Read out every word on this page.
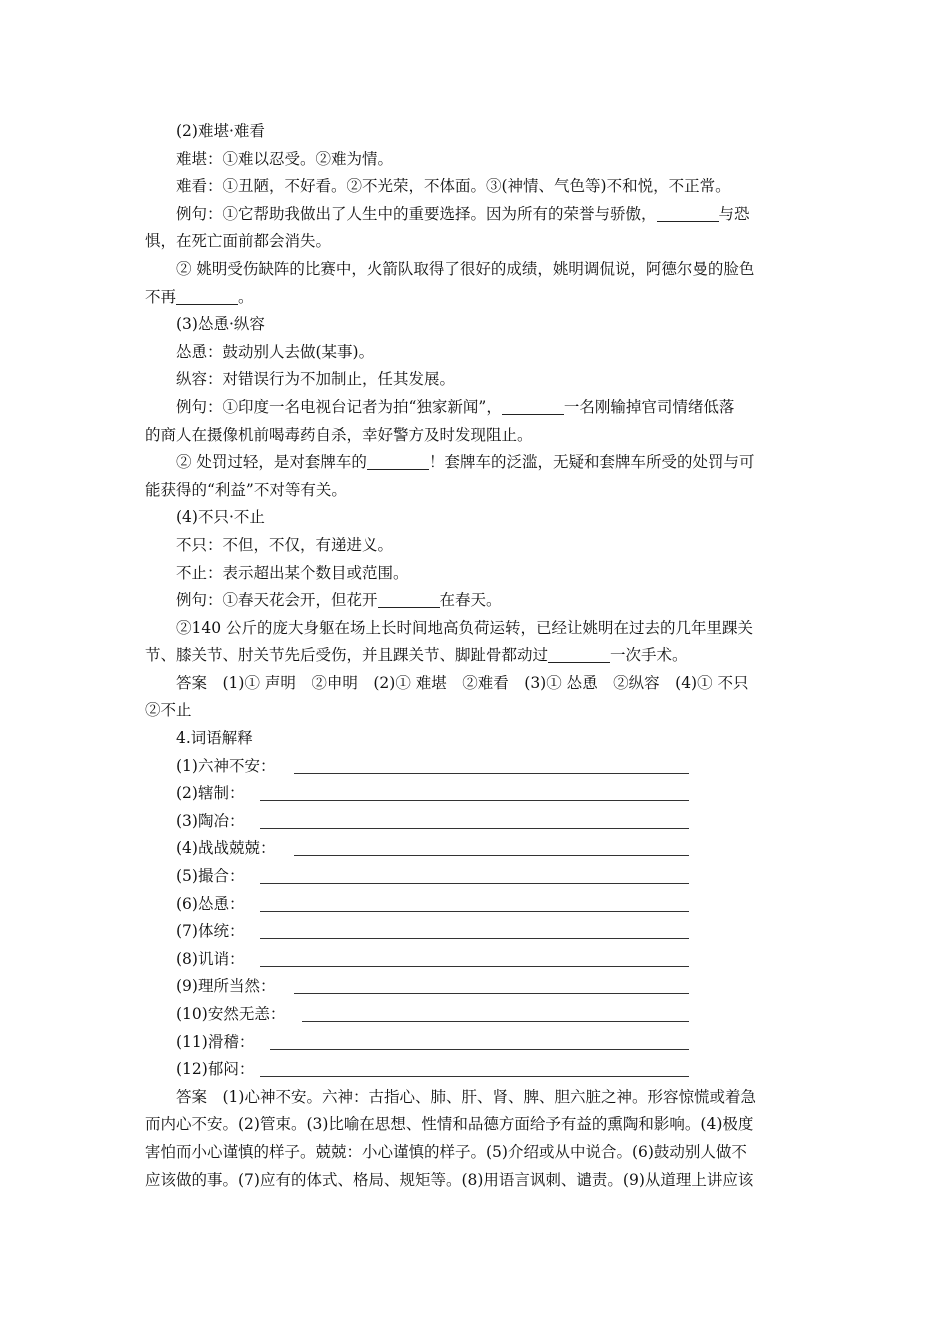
(2)难堪·难看

难堪：①难以忍受。②难为情。

难看：①丑陋，不好看。②不光荣，不体面。③(神情、气色等)不和悦，不正常。

例句：①它帮助我做出了人生中的重要选择。因为所有的荣誉与骄傲，	与恐

惧，在死亡面前都会消失。

② 姚明受伤缺阵的比赛中，火箭队取得了很好的成绩，姚明调侃说，阿德尔曼的脸色

不再	。

(3)怂恿·纵容

怂恿：鼓动别人去做(某事)。

纵容：对错误行为不加制止，任其发展。

例句：①印度一名电视台记者为拍“独家新闻”，	一名刚输掉官司情绪低落

的商人在摄像机前喝毒药自杀，幸好警方及时发现阻止。

② 处罚过轻，是对套牌车的	！套牌车的泛滥，无疑和套牌车所受的处罚与可

能获得的“利益”不对等有关。

(4)不只·不止

不只：不但，不仅，有递进义。

不止：表示超出某个数目或范围。

例句：①春天花会开，但花开	在春天。

②140 公斤的庞大身躯在场上长时间地高负荷运转，已经让姚明在过去的几年里踝关

节、膝关节、肘关节先后受伤，并且踝关节、脚趾骨都动过	一次手术。

答案　(1)① 声明　②申明　(2)① 难堪　②难看　(3)① 怂恿　②纵容　(4)① 不只

②不止

4.词语解释

(1)六神不安：
(2)辖制：
(3)陶冶：
(4)战战兢兢：
(5)撮合：
(6)怂恿：
(7)体统：
(8)讥诮：
(9)理所当然：
(10)安然无恙：
(11)滑稽：
(12)郁闷：

答案　(1)心神不安。六神：古指心、肺、肝、肾、脾、胆六脏之神。形容惊慌或着急

而内心不安。(2)管束。(3)比喻在思想、性情和品德方面给予有益的熏陶和影响。(4)极度

害怕而小心谨慎的样子。兢兢：小心谨慎的样子。(5)介绍或从中说合。(6)鼓动别人做不

应该做的事。(7)应有的体式、格局、规矩等。(8)用语言讽刺、谴责。(9)从道理上讲应该
